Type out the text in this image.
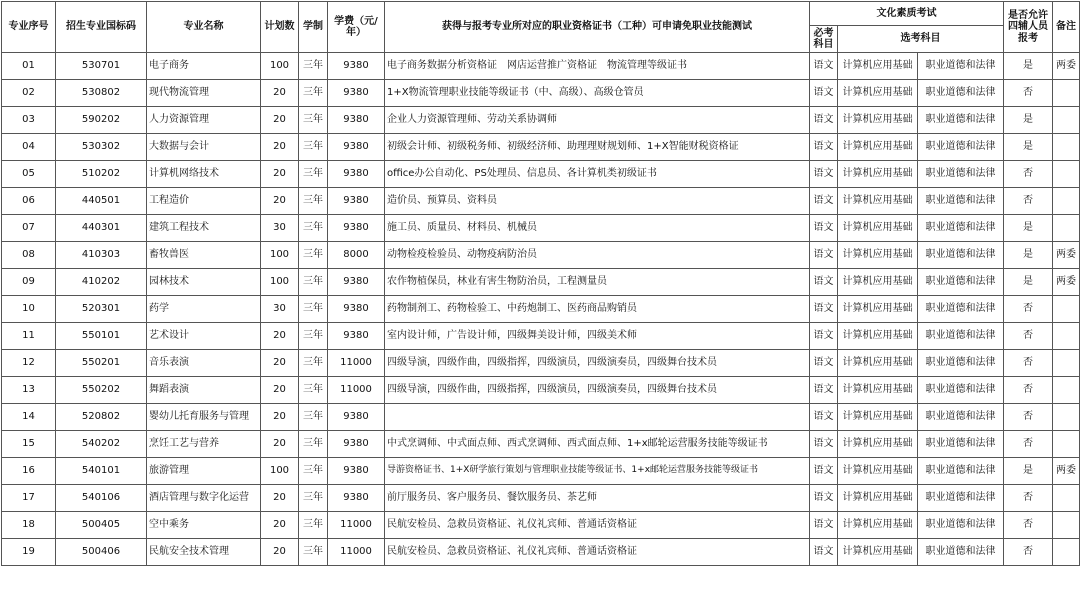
专业序号	招生专业国标码	专业名称	计划数	学制	学费（元/年）	获得与报考专业所对应的职业资格证书（工种）可申请免职业技能测试	文化素质考试			是否允许四辅人员报考	备注
							必考科目	选考科目			
01	530701	电子商务	100	三年	9380	电子商务数据分析资格证　网店运营推广资格证　物流管理等级证书	语文	计算机应用基础	职业道德和法律	是	两委
02	530802	现代物流管理	20	三年	9380	1+X物流管理职业技能等级证书（中、高级）、高级仓管员	语文	计算机应用基础	职业道德和法律	否	
03	590202	人力资源管理	20	三年	9380	企业人力资源管理师、劳动关系协调师	语文	计算机应用基础	职业道德和法律	是	
04	530302	大数据与会计	20	三年	9380	初级会计师、初级税务师、初级经济师、助理理财规划师、1+X智能财税资格证	语文	计算机应用基础	职业道德和法律	是	
05	510202	计算机网络技术	20	三年	9380	office办公自动化、PS处理员、信息员、各计算机类初级证书	语文	计算机应用基础	职业道德和法律	否	
06	440501	工程造价	20	三年	9380	造价员、预算员、资料员	语文	计算机应用基础	职业道德和法律	否	
07	440301	建筑工程技术	30	三年	9380	施工员、质量员、材料员、机械员	语文	计算机应用基础	职业道德和法律	是	
08	410303	畜牧兽医	100	三年	8000	动物检疫检验员、动物疫病防治员	语文	计算机应用基础	职业道德和法律	是	两委
09	410202	园林技术	100	三年	9380	农作物植保员，林业有害生物防治员，工程测量员	语文	计算机应用基础	职业道德和法律	是	两委
10	520301	药学	30	三年	9380	药物制剂工、药物检验工、中药炮制工、医药商品购销员	语文	计算机应用基础	职业道德和法律	否	
11	550101	艺术设计	20	三年	9380	室内设计师，广告设计师，四级舞美设计师，四级美术师	语文	计算机应用基础	职业道德和法律	否	
12	550201	音乐表演	20	三年	11000	四级导演，四级作曲，四级指挥，四级演员，四级演奏员，四级舞台技术员	语文	计算机应用基础	职业道德和法律	否	
13	550202	舞蹈表演	20	三年	11000	四级导演，四级作曲，四级指挥，四级演员，四级演奏员，四级舞台技术员	语文	计算机应用基础	职业道德和法律	否	
14	520802	婴幼儿托育服务与管理	20	三年	9380		语文	计算机应用基础	职业道德和法律	否	
15	540202	烹饪工艺与营养	20	三年	9380	中式烹调师、中式面点师、西式烹调师、西式面点师、1+x邮轮运营服务技能等级证书	语文	计算机应用基础	职业道德和法律	否	
16	540101	旅游管理	100	三年	9380	导游资格证书、1+X研学旅行策划与管理职业技能等级证书、1+x邮轮运营服务技能等级证书	语文	计算机应用基础	职业道德和法律	是	两委
17	540106	酒店管理与数字化运营	20	三年	9380	前厅服务员、客户服务员、餐饮服务员、茶艺师	语文	计算机应用基础	职业道德和法律	否	
18	500405	空中乘务	20	三年	11000	民航安检员、急救员资格证、礼仪礼宾师、普通话资格证	语文	计算机应用基础	职业道德和法律	否	
19	500406	民航安全技术管理	20	三年	11000	民航安检员、急救员资格证、礼仪礼宾师、普通话资格证	语文	计算机应用基础	职业道德和法律	否	
